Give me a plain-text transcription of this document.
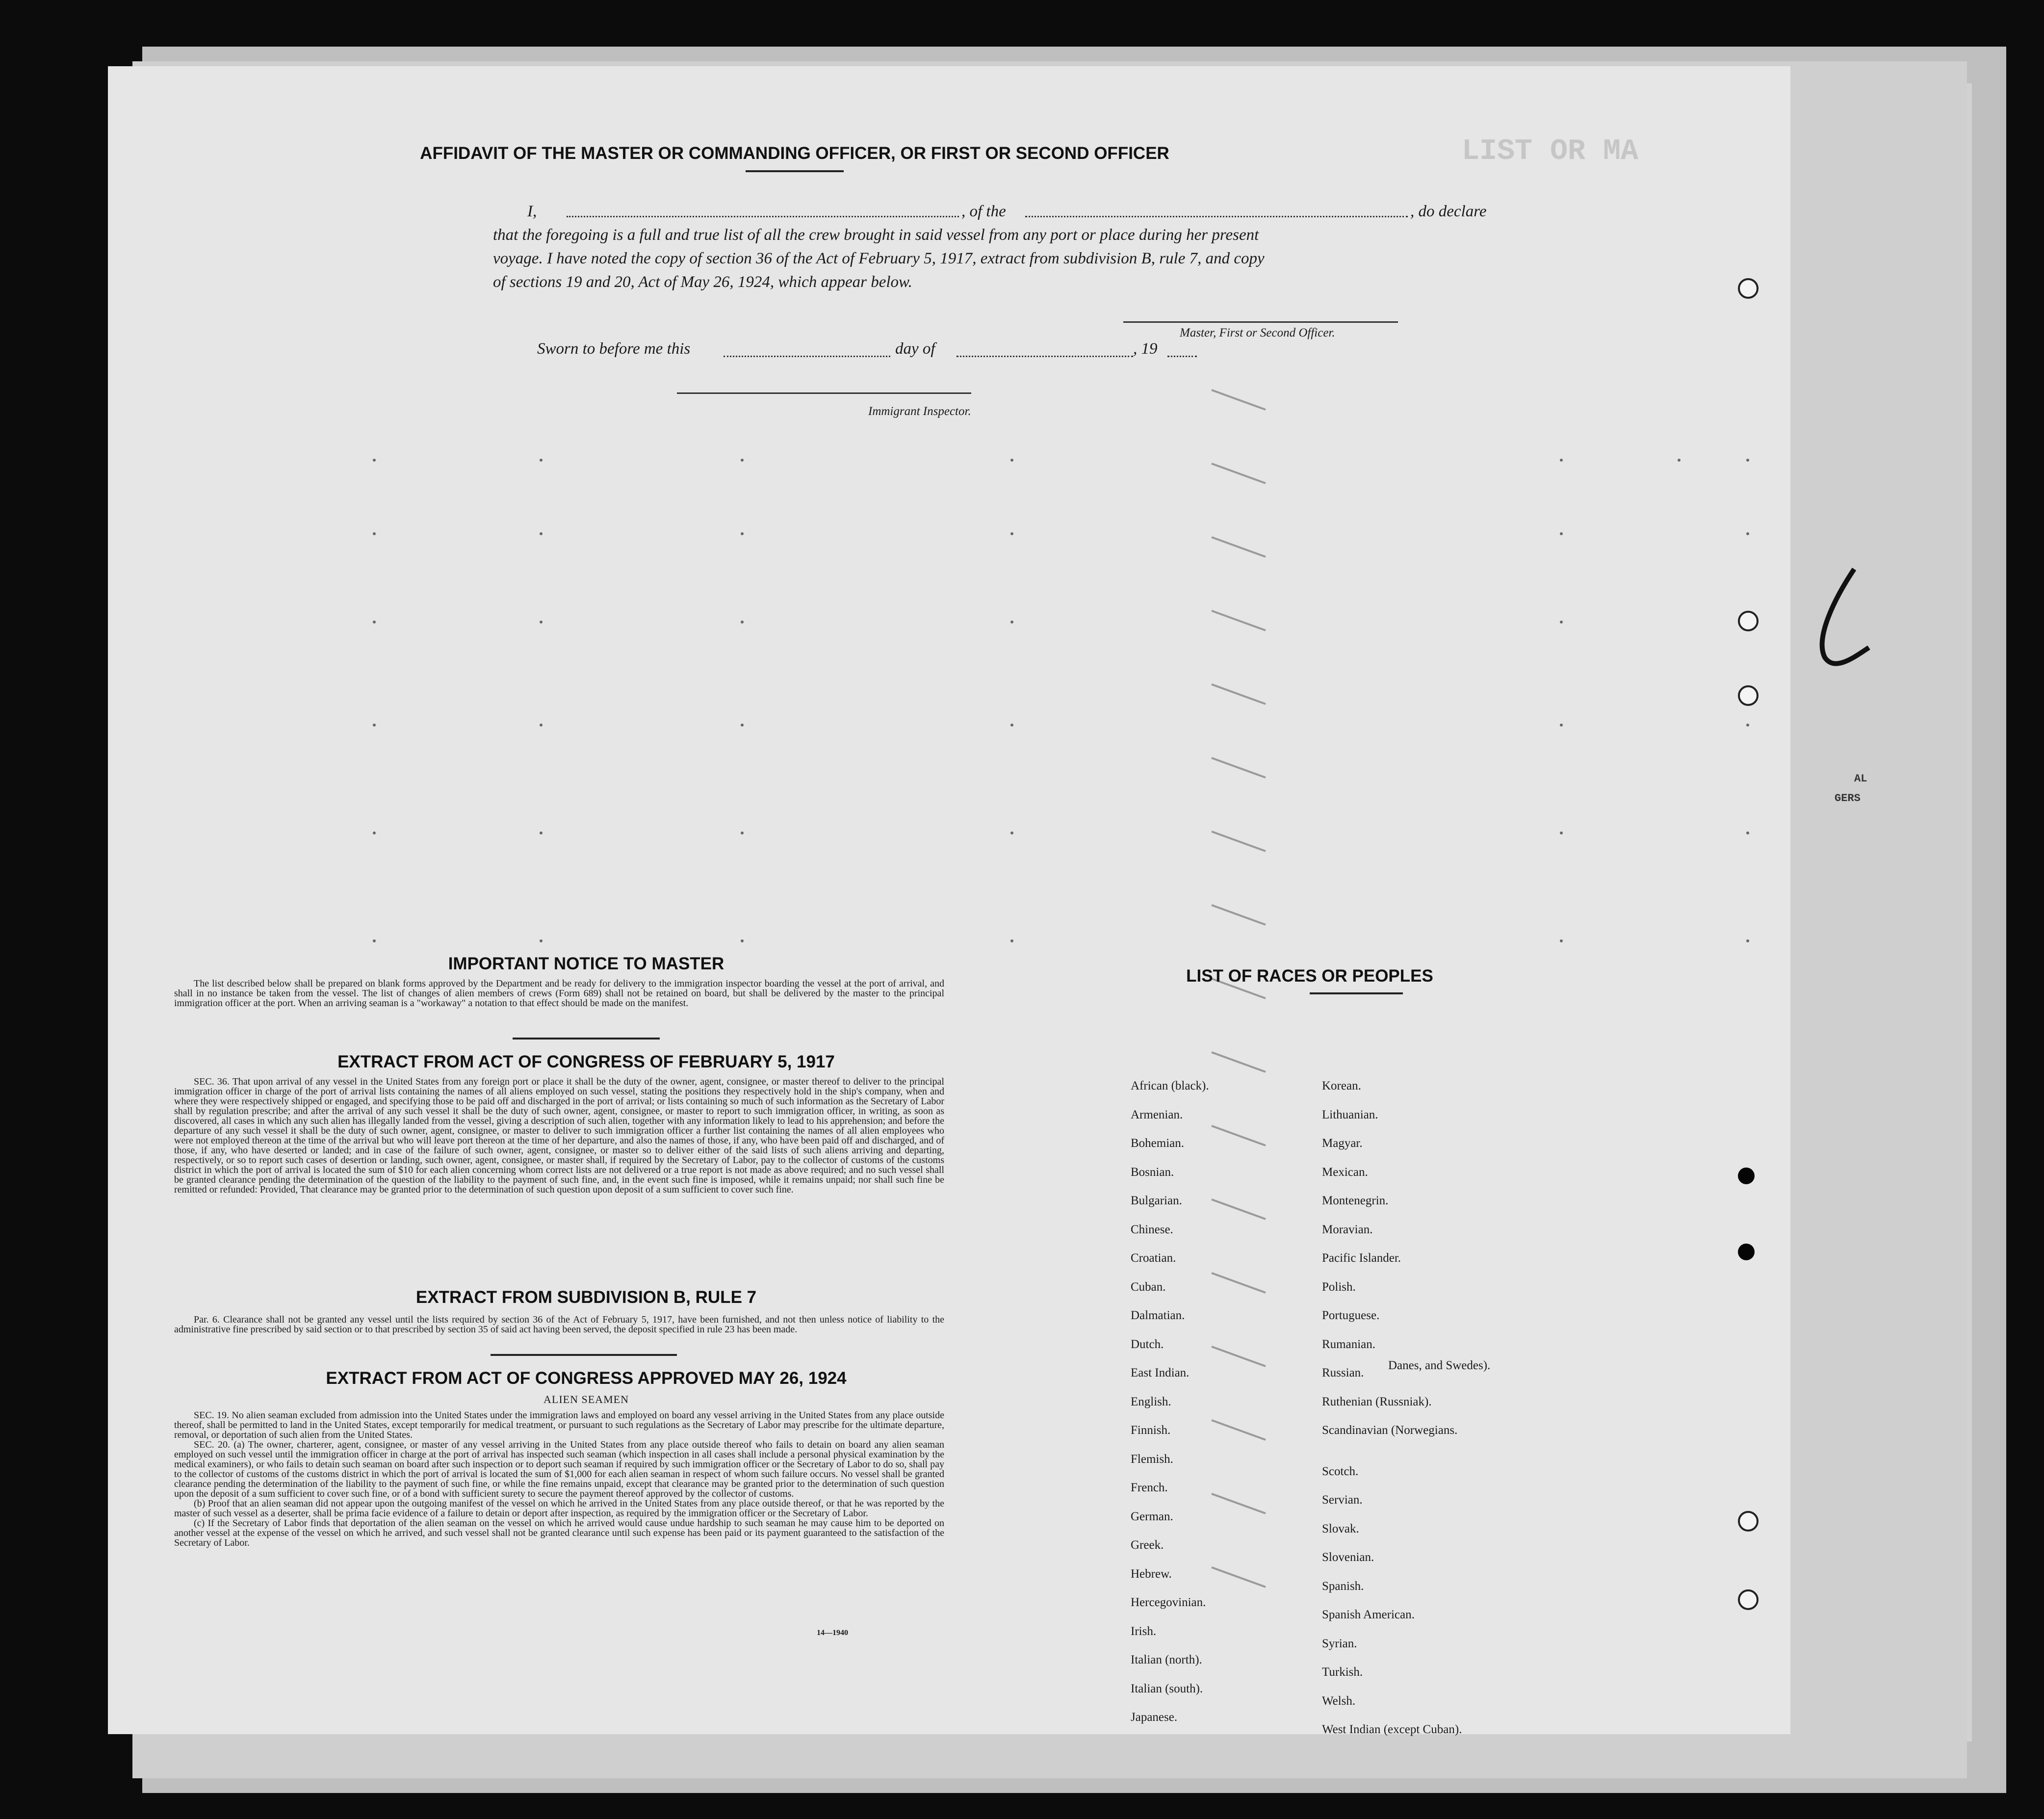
LIST OR MA
AL
GERS
AFFIDAVIT OF THE MASTER OR COMMANDING OFFICER, OR FIRST OR SECOND OFFICER
I,	, of the	, do declare
that the foregoing is a full and true list of all the crew brought in said vessel from any port or place during her present
voyage. I have noted the copy of section 36 of the Act of February 5, 1917, extract from subdivision B, rule 7, and copy
of sections 19 and 20, Act of May 26, 1924, which appear below.
Master, First or Second Officer.
Sworn to before me this	day of	, 19
Immigrant Inspector.
IMPORTANT NOTICE TO MASTER

The list described below shall be prepared on blank forms approved by the Department and be ready for delivery to the immigration inspector boarding the vessel at the port of arrival, and shall in no instance be taken from the vessel. The list of changes of alien members of crews (Form 689) shall not be retained on board, but shall be delivered by the master to the principal immigration officer at the port. When an arriving seaman is a "workaway" a notation to that effect should be made on the manifest.

EXTRACT FROM ACT OF CONGRESS OF FEBRUARY 5, 1917

SEC. 36. That upon arrival of any vessel in the United States from any foreign port or place it shall be the duty of the owner, agent, consignee, or master thereof to deliver to the principal immigration officer in charge of the port of arrival lists containing the names of all aliens employed on such vessel, stating the positions they respectively hold in the ship's company, when and where they were respectively shipped or engaged, and specifying those to be paid off and discharged in the port of arrival; or lists containing so much of such information as the Secretary of Labor shall by regulation prescribe; and after the arrival of any such vessel it shall be the duty of such owner, agent, consignee, or master to report to such immigration officer, in writing, as soon as discovered, all cases in which any such alien has illegally landed from the vessel, giving a description of such alien, together with any information likely to lead to his apprehension; and before the departure of any such vessel it shall be the duty of such owner, agent, consignee, or master to deliver to such immigration officer a further list containing the names of all alien employees who were not employed thereon at the time of the arrival but who will leave port thereon at the time of her departure, and also the names of those, if any, who have been paid off and discharged, and of those, if any, who have deserted or landed; and in case of the failure of such owner, agent, consignee, or master so to deliver either of the said lists of such aliens arriving and departing, respectively, or so to report such cases of desertion or landing, such owner, agent, consignee, or master shall, if required by the Secretary of Labor, pay to the collector of customs of the customs district in which the port of arrival is located the sum of $10 for each alien concerning whom correct lists are not delivered or a true report is not made as above required; and no such vessel shall be granted clearance pending the determination of the question of the liability to the payment of such fine, and, in the event such fine is imposed, while it remains unpaid; nor shall such fine be remitted or refunded: Provided, That clearance may be granted prior to the determination of such question upon deposit of a sum sufficient to cover such fine.

EXTRACT FROM SUBDIVISION B, RULE 7

Par. 6. Clearance shall not be granted any vessel until the lists required by section 36 of the Act of February 5, 1917, have been furnished, and not then unless notice of liability to the administrative fine prescribed by said section or to that prescribed by section 35 of said act having been served, the deposit specified in rule 23 has been made.

EXTRACT FROM ACT OF CONGRESS APPROVED MAY 26, 1924
ALIEN SEAMEN

SEC. 19. No alien seaman excluded from admission into the United States under the immigration laws and employed on board any vessel arriving in the United States from any place outside thereof, shall be permitted to land in the United States, except temporarily for medical treatment, or pursuant to such regulations as the Secretary of Labor may prescribe for the ultimate departure, removal, or deportation of such alien from the United States.

SEC. 20. (a) The owner, charterer, agent, consignee, or master of any vessel arriving in the United States from any place outside thereof who fails to detain on board any alien seaman employed on such vessel until the immigration officer in charge at the port of arrival has inspected such seaman (which inspection in all cases shall include a personal physical examination by the medical examiners), or who fails to detain such seaman on board after such inspection or to deport such seaman if required by such immigration officer or the Secretary of Labor to do so, shall pay to the collector of customs of the customs district in which the port of arrival is located the sum of $1,000 for each alien seaman in respect of whom such failure occurs. No vessel shall be granted clearance pending the determination of the liability to the payment of such fine, or while the fine remains unpaid, except that clearance may be granted prior to the determination of such question upon the deposit of a sum sufficient to cover such fine, or of a bond with sufficient surety to secure the payment thereof approved by the collector of customs.

(b) Proof that an alien seaman did not appear upon the outgoing manifest of the vessel on which he arrived in the United States from any place outside thereof, or that he was reported by the master of such vessel as a deserter, shall be prima facie evidence of a failure to detain or deport after inspection, as required by the immigration officer or the Secretary of Labor.

(c) If the Secretary of Labor finds that deportation of the alien seaman on the vessel on which he arrived would cause undue hardship to such seaman he may cause him to be deported on another vessel at the expense of the vessel on which he arrived, and such vessel shall not be granted clearance until such expense has been paid or its payment guaranteed to the satisfaction of the Secretary of Labor.

14—1940
LIST OF RACES OR PEOPLES
African (black).
Armenian.
Bohemian.
Bosnian.
Bulgarian.
Chinese.
Croatian.
Cuban.
Dalmatian.
Dutch.
East Indian.
English.
Finnish.
Flemish.
French.
German.
Greek.
Hebrew.
Hercegovinian.
Irish.
Italian (north).
Italian (south).
Japanese.
Korean.
Lithuanian.
Magyar.
Mexican.
Montenegrin.
Moravian.
Pacific Islander.
Polish.
Portuguese.
Rumanian.
Russian.
Ruthenian (Russniak).
Scandinavian (Norwegians.
Scotch.
Servian.
Slovak.
Slovenian.
Spanish.
Spanish American.
Syrian.
Turkish.
Welsh.
West Indian (except Cuban).
Danes, and Swedes).
